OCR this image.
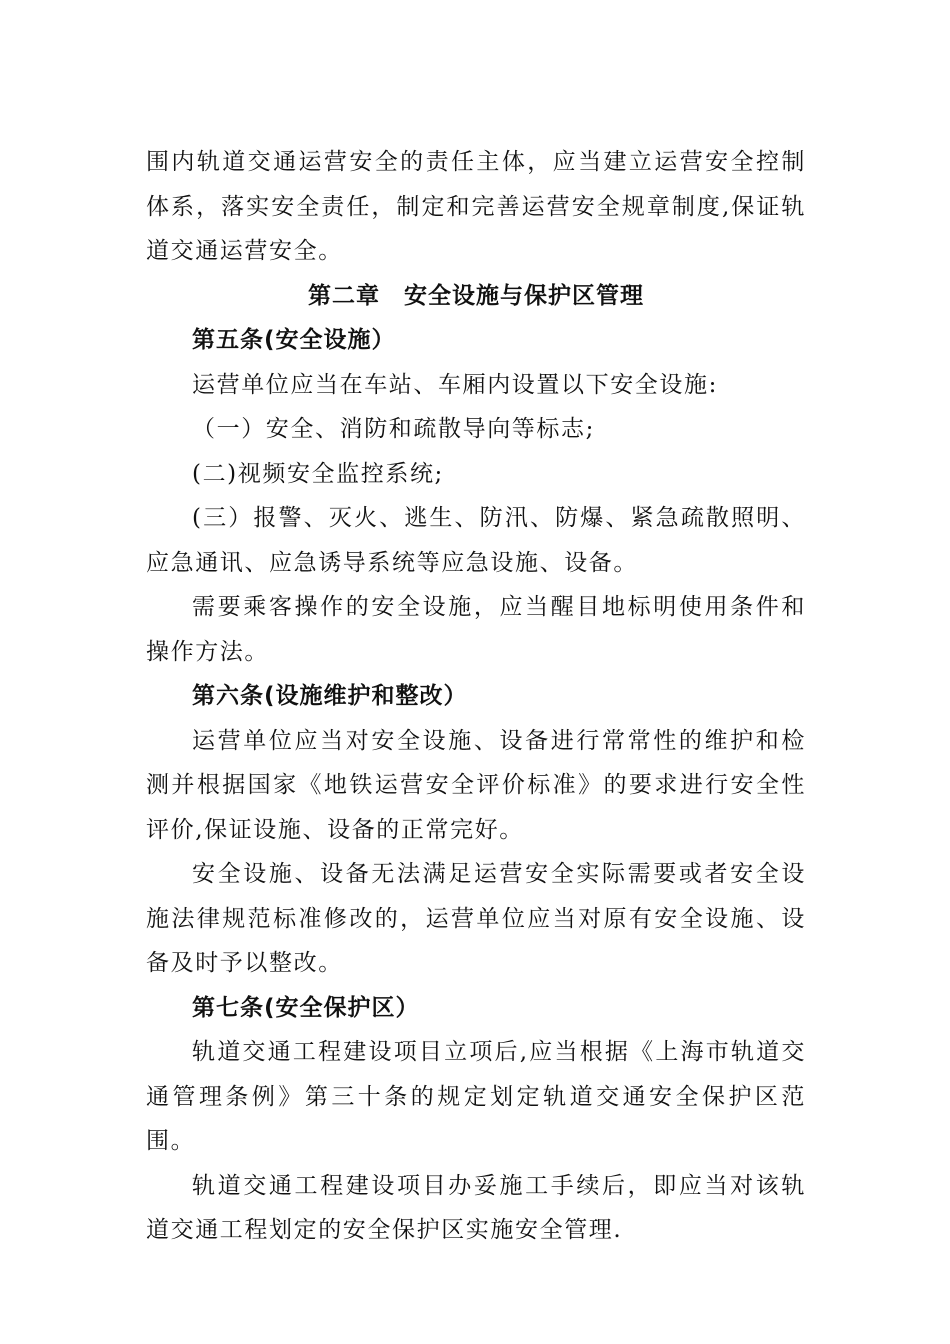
围内轨道交通运营安全的责任主体，应当建立运营安全控制体系，落实安全责任，制定和完善运营安全规章制度,保证轨道交通运营安全。

第二章　安全设施与保护区管理

第五条(安全设施）

运营单位应当在车站、车厢内设置以下安全设施:

（一）安全、消防和疏散导向等标志;

(二)视频安全监控系统;

(三）报警、灭火、逃生、防汛、防爆、紧急疏散照明、应急通讯、应急诱导系统等应急设施、设备。

需要乘客操作的安全设施，应当醒目地标明使用条件和操作方法。

第六条(设施维护和整改）

运营单位应当对安全设施、设备进行常常性的维护和检测并根据国家《地铁运营安全评价标准》的要求进行安全性评价,保证设施、设备的正常完好。

安全设施、设备无法满足运营安全实际需要或者安全设施法律规范标准修改的，运营单位应当对原有安全设施、设备及时予以整改。

第七条(安全保护区）

轨道交通工程建设项目立项后,应当根据《上海市轨道交通管理条例》第三十条的规定划定轨道交通安全保护区范围。

轨道交通工程建设项目办妥施工手续后，即应当对该轨道交通工程划定的安全保护区实施安全管理.
